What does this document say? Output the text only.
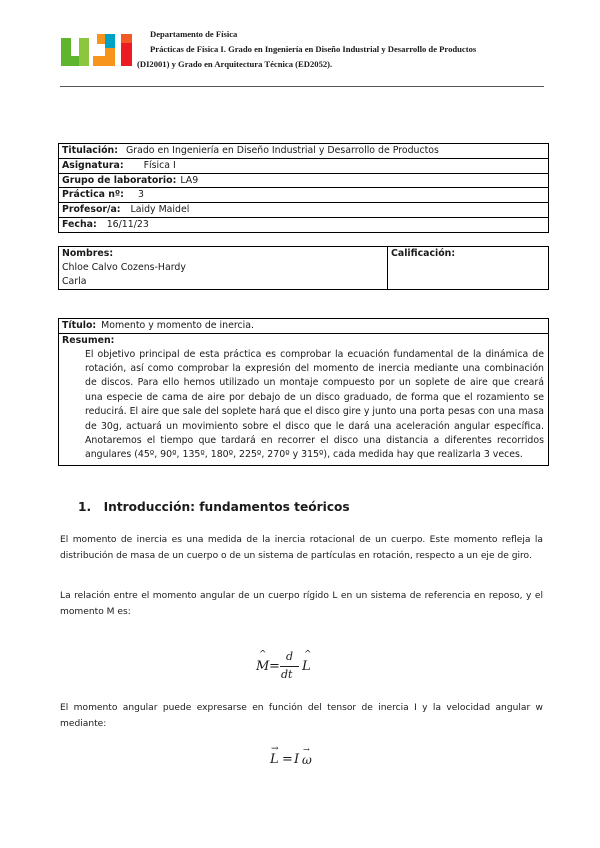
Departamento de Física
Prácticas de Física I. Grado en Ingeniería en Diseño Industrial y Desarrollo de Productos
(DI2001) y Grado en Arquitectura Técnica (ED2052).
Titulación: Grado en Ingeniería en Diseño Industrial y Desarrollo de Productos
Asignatura: Física I
Grupo de laboratorio: LA9
Práctica nº: 3
Profesor/a: Laidy Maidel
Fecha: 16/11/23
Nombres:
Chloe Calvo Cozens-Hardy
Carla

Calificación:
Título: Momento y momento de inercia.

Resumen:
El objetivo principal de esta práctica es comprobar la ecuación fundamental de la dinámica de rotación, así como comprobar la expresión del momento de inercia mediante una combinación de discos. Para ello hemos utilizado un montaje compuesto por un soplete de aire que creará una especie de cama de aire por debajo de un disco graduado, de forma que el rozamiento se reducirá. El aire que sale del soplete hará que el disco gire y junto una porta pesas con una masa de 30g, actuará un movimiento sobre el disco que le dará una aceleración angular específica. Anotaremos el tiempo que tardará en recorrer el disco una distancia a diferentes recorridos angulares (45º, 90º, 135º, 180º, 225º, 270º y 315º), cada medida hay que realizarla 3 veces.
1. Introducción: fundamentos teóricos
El momento de inercia es una medida de la inercia rotacional de un cuerpo. Este momento refleja la distribución de masa de un cuerpo o de un sistema de partículas en rotación, respecto a un eje de giro.
La relación entre el momento angular de un cuerpo rígido L en un sistema de referencia en reposo, y el momento M es:
M
^
=
d
dt
L
^
El momento angular puede expresarse en función del tensor de inercia I y la velocidad angular w mediante:
L
→
= I ω
→
